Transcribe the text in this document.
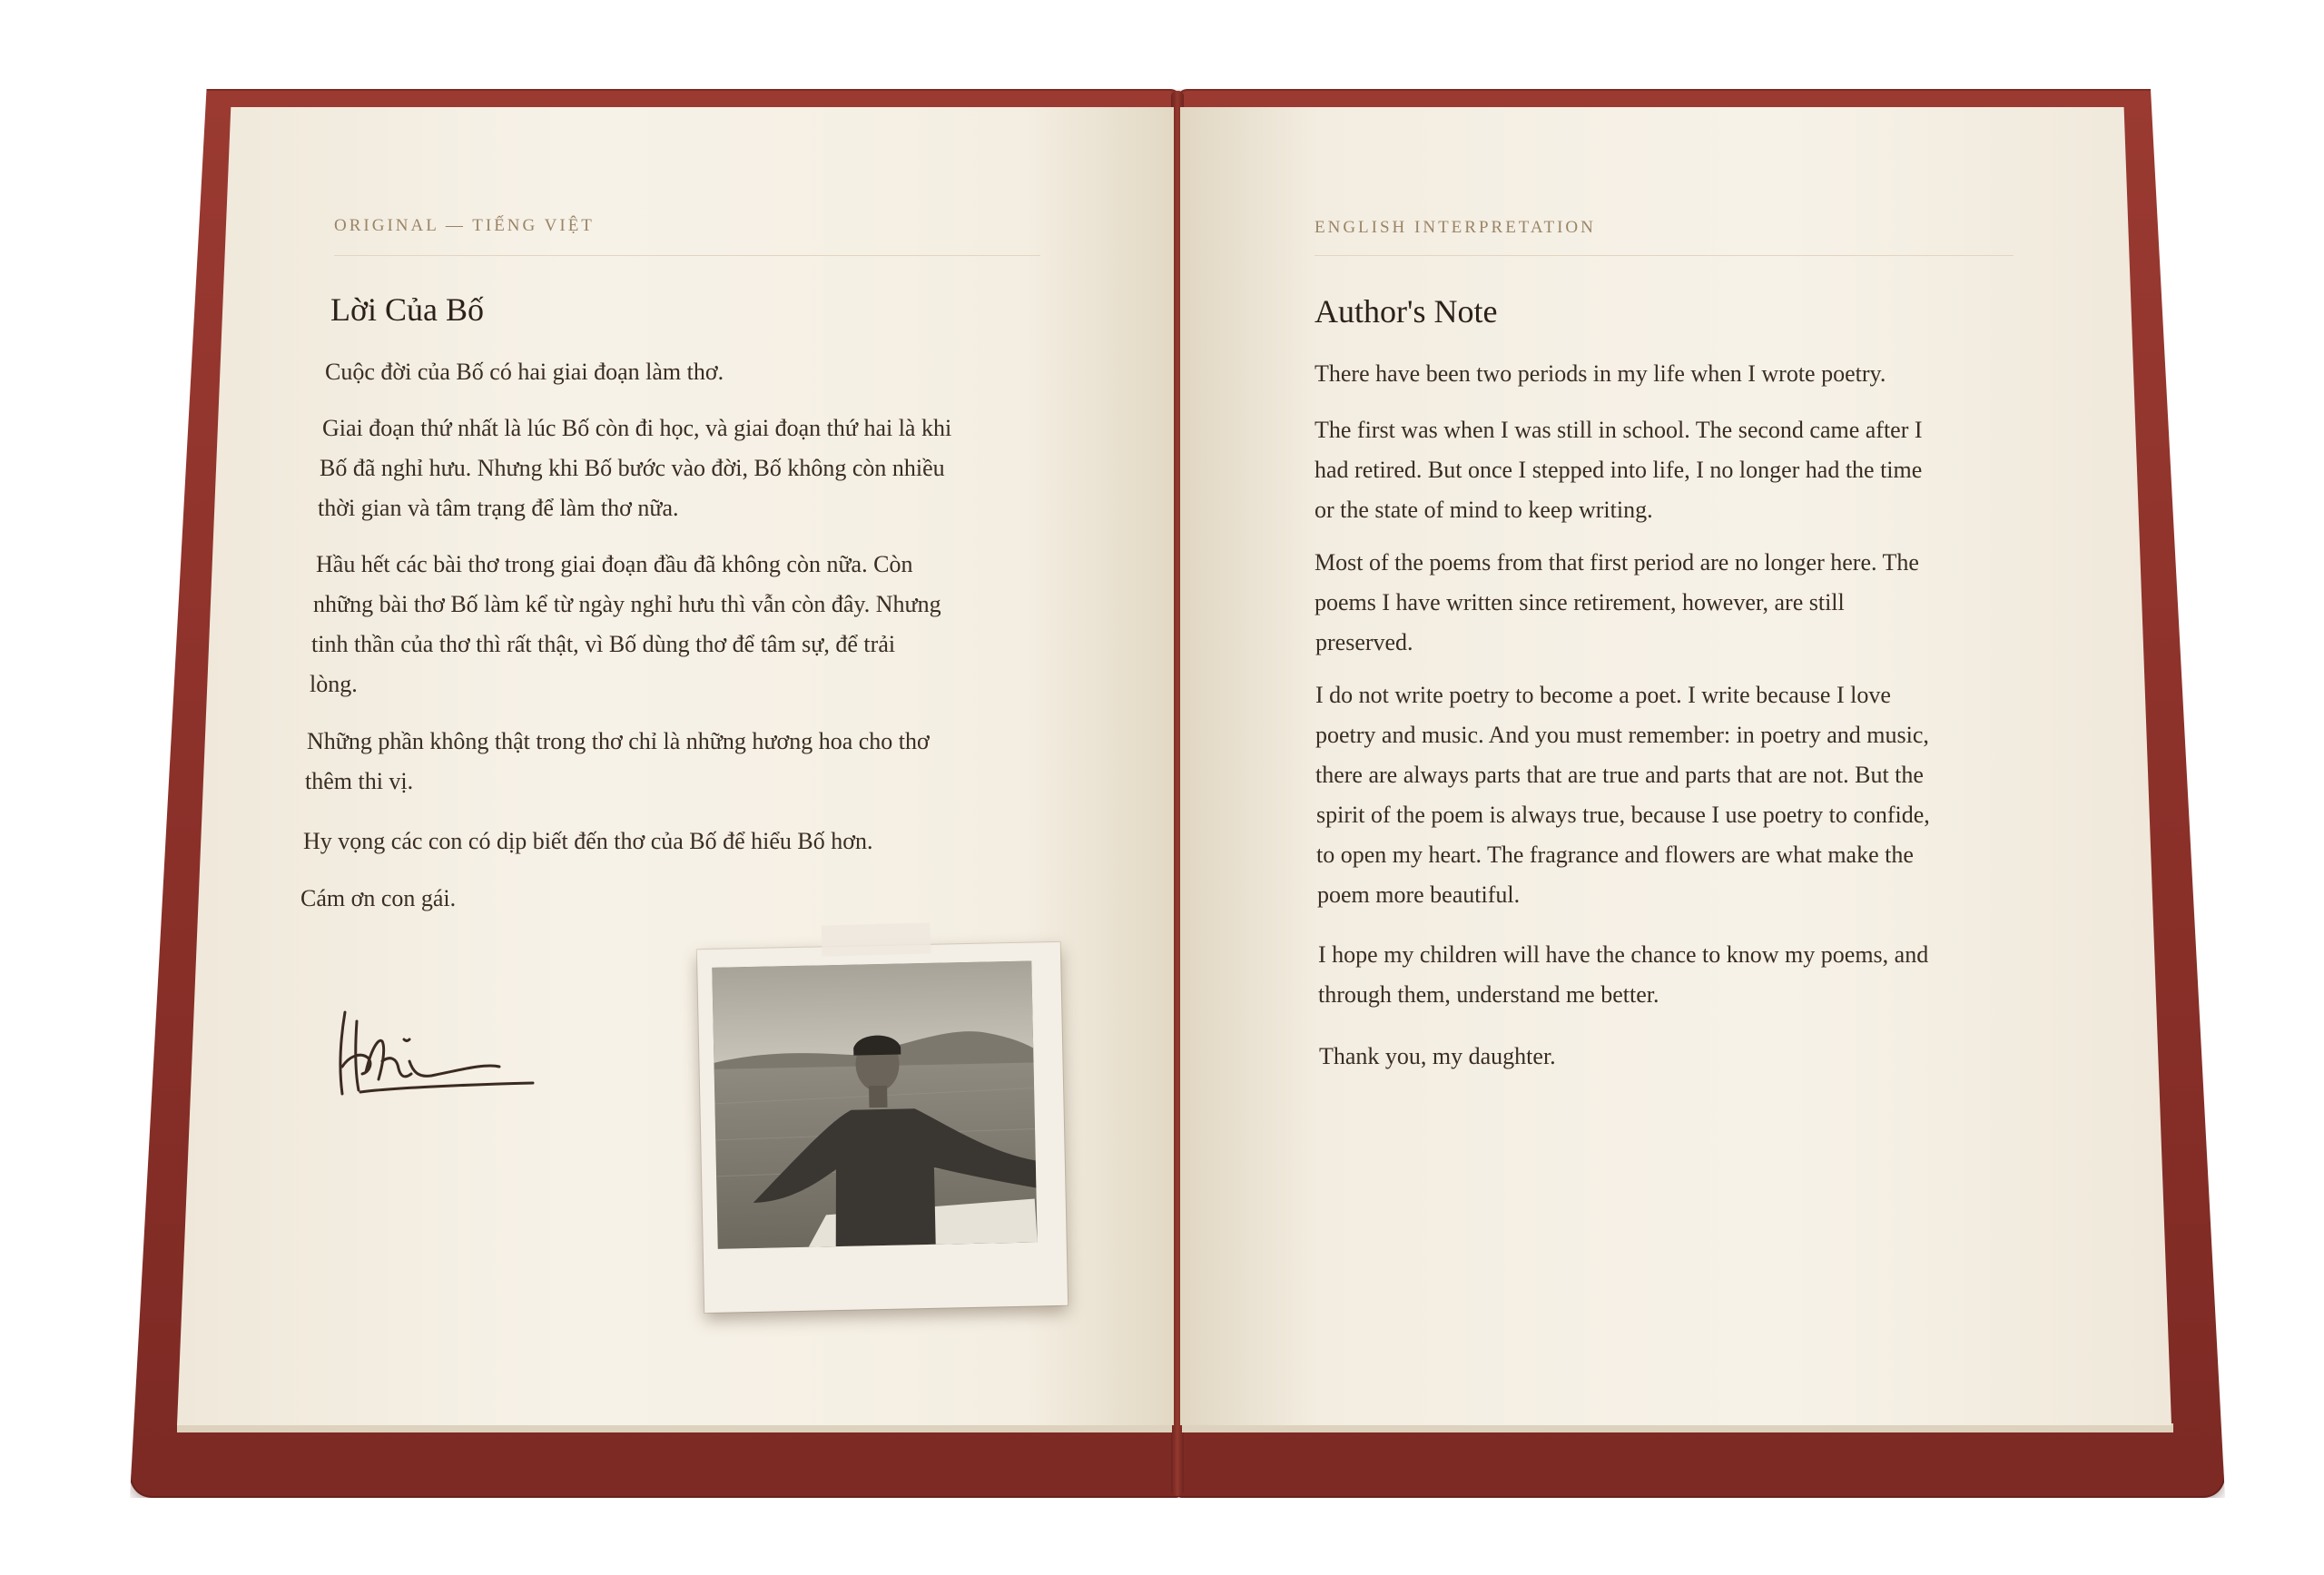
ORIGINAL — TIẾNG VIỆT
Lời Của Bố
Cuộc đời của Bố có hai giai đoạn làm thơ.
Giai đoạn thứ nhất là lúc Bố còn đi học, và giai đoạn thứ hai là khi
Bố đã nghỉ hưu. Nhưng khi Bố bước vào đời, Bố không còn nhiều
thời gian và tâm trạng để làm thơ nữa.
Hầu hết các bài thơ trong giai đoạn đầu đã không còn nữa. Còn
những bài thơ Bố làm kể từ ngày nghỉ hưu thì vẫn còn đây. Nhưng
tinh thần của thơ thì rất thật, vì Bố dùng thơ để tâm sự, để trải
lòng.
Những phần không thật trong thơ chỉ là những hương hoa cho thơ
thêm thi vị.
Hy vọng các con có dịp biết đến thơ của Bố để hiểu Bố hơn.
Cám ơn con gái.
ENGLISH INTERPRETATION
Author's Note
There have been two periods in my life when I wrote poetry.
The first was when I was still in school. The second came after I
had retired. But once I stepped into life, I no longer had the time
or the state of mind to keep writing.
Most of the poems from that first period are no longer here. The
poems I have written since retirement, however, are still
preserved.
I do not write poetry to become a poet. I write because I love
poetry and music. And you must remember: in poetry and music,
there are always parts that are true and parts that are not. But the
spirit of the poem is always true, because I use poetry to confide,
to open my heart. The fragrance and flowers are what make the
poem more beautiful.
I hope my children will have the chance to know my poems, and
through them, understand me better.
Thank you, my daughter.
